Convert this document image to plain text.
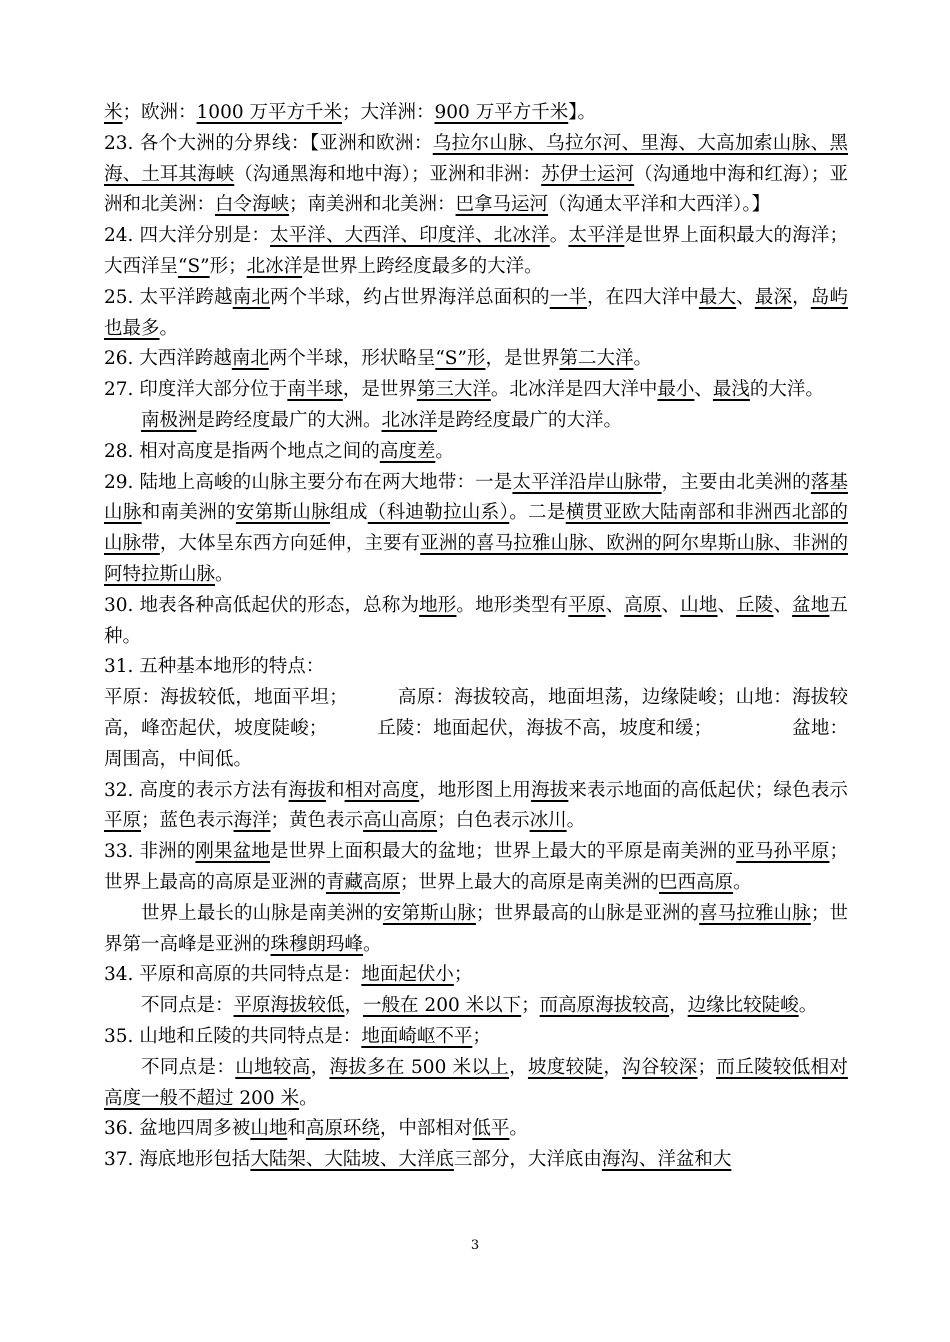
米；欧洲：1000 万平方千米；大洋洲：900 万平方千米】。

23. 各个大洲的分界线：【亚洲和欧洲：乌拉尔山脉、乌拉尔河、里海、大高加索山脉、黑海、土耳其海峡（沟通黑海和地中海）；亚洲和非洲：苏伊士运河（沟通地中海和红海）；亚洲和北美洲：白令海峡；南美洲和北美洲：巴拿马运河（沟通太平洋和大西洋）。】

24. 四大洋分别是：太平洋、大西洋、印度洋、北冰洋。太平洋是世界上面积最大的海洋；大西洋呈“S”形；北冰洋是世界上跨经度最多的大洋。

25. 太平洋跨越南北两个半球，约占世界海洋总面积的一半，在四大洋中最大、最深，岛屿也最多。

26. 大西洋跨越南北两个半球，形状略呈“S”形，是世界第二大洋。

27. 印度洋大部分位于南半球，是世界第三大洋。北冰洋是四大洋中最小、最浅的大洋。

南极洲是跨经度最广的大洲。北冰洋是跨经度最广的大洋。

28. 相对高度是指两个地点之间的高度差。

29. 陆地上高峻的山脉主要分布在两大地带：一是太平洋沿岸山脉带，主要由北美洲的落基山脉和南美洲的安第斯山脉组成（科迪勒拉山系）。二是横贯亚欧大陆南部和非洲西北部的山脉带，大体呈东西方向延伸，主要有亚洲的喜马拉雅山脉、欧洲的阿尔卑斯山脉、非洲的阿特拉斯山脉。

30. 地表各种高低起伏的形态，总称为地形。地形类型有平原、高原、山地、丘陵、盆地五种。

31. 五种基本地形的特点：

平原：海拔较低，地面平坦；	高原：海拔较高，地面坦荡，边缘陡峻；山地：海拔较高，峰峦起伏，坡度陡峻；	丘陵：地面起伏，海拔不高，坡度和缓；	盆地：周围高，中间低。

32. 高度的表示方法有海拔和相对高度，地形图上用海拔来表示地面的高低起伏；绿色表示平原；蓝色表示海洋；黄色表示高山高原；白色表示冰川。

33. 非洲的刚果盆地是世界上面积最大的盆地；世界上最大的平原是南美洲的亚马孙平原；世界上最高的高原是亚洲的青藏高原；世界上最大的高原是南美洲的巴西高原。

世界上最长的山脉是南美洲的安第斯山脉；世界最高的山脉是亚洲的喜马拉雅山脉；世界第一高峰是亚洲的珠穆朗玛峰。

34. 平原和高原的共同特点是：地面起伏小；

不同点是：平原海拔较低，一般在 200 米以下；而高原海拔较高，边缘比较陡峻。

35. 山地和丘陵的共同特点是：地面崎岖不平；

不同点是：山地较高，海拔多在 500 米以上，坡度较陡，沟谷较深；而丘陵较低相对高度一般不超过 200 米。

36. 盆地四周多被山地和高原环绕，中部相对低平。

37. 海底地形包括大陆架、大陆坡、大洋底三部分，大洋底由海沟、洋盆和大

3
